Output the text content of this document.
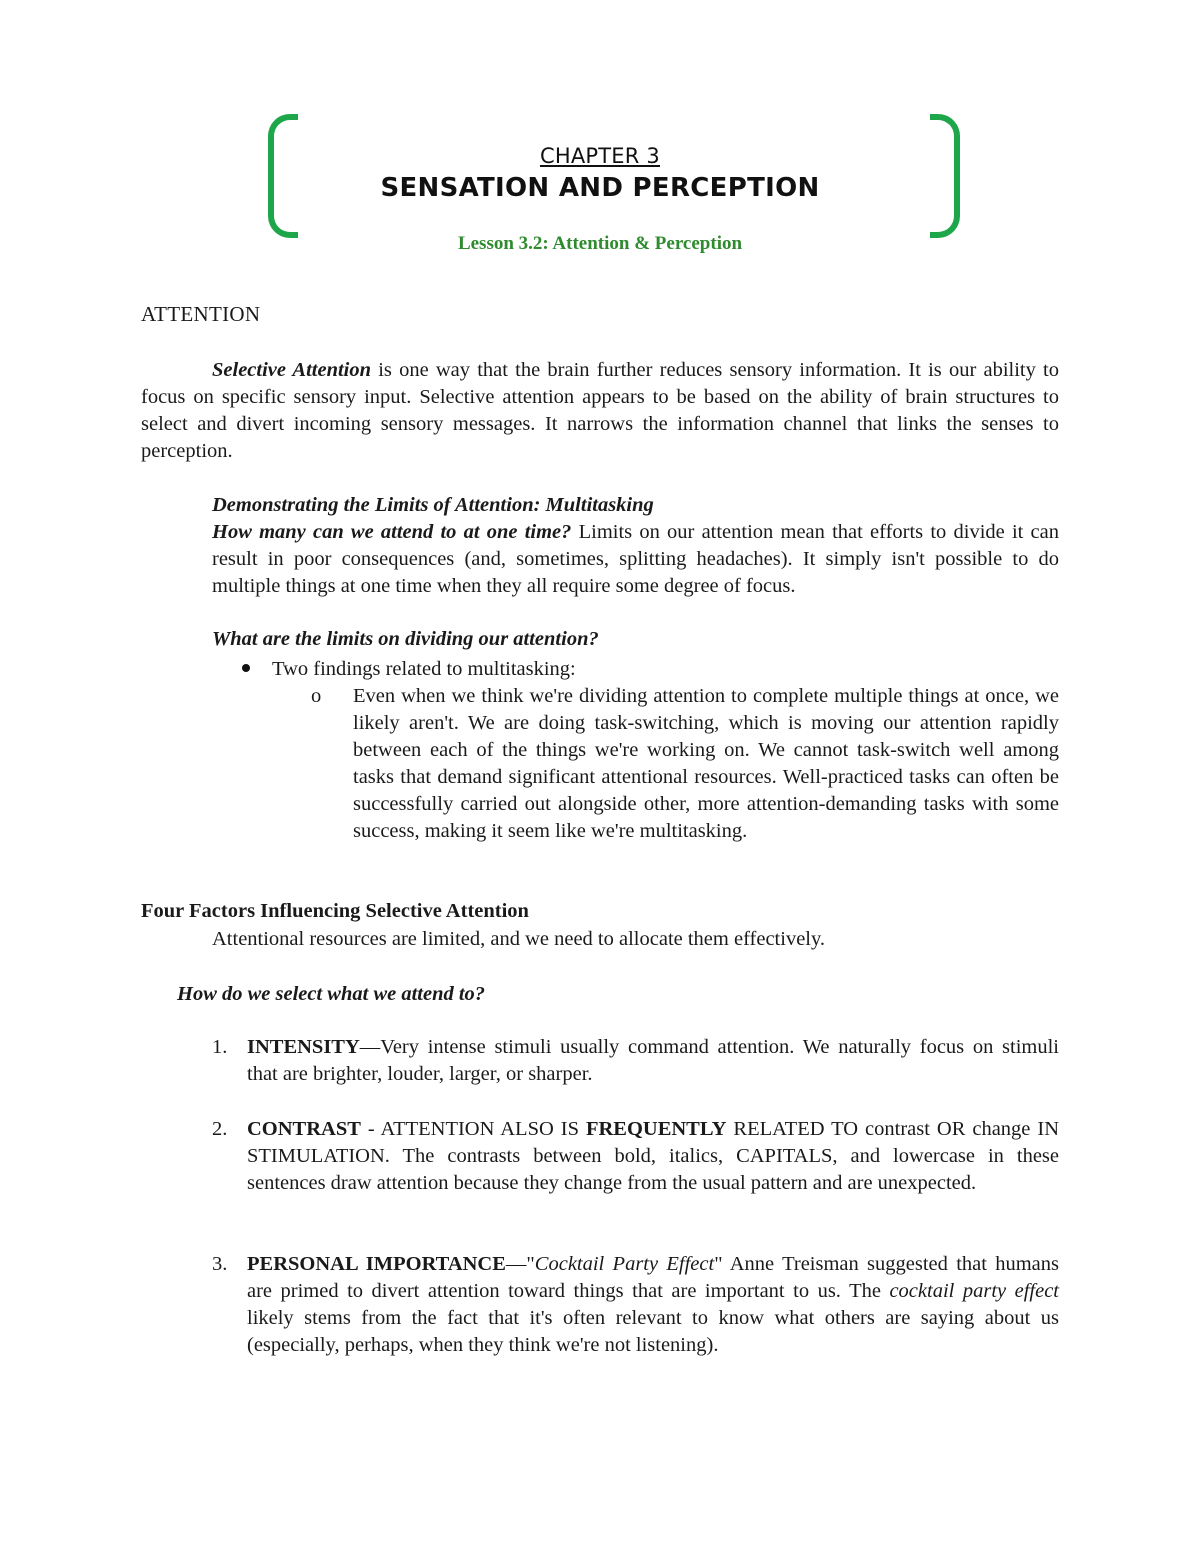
CHAPTER 3
SENSATION AND PERCEPTION
Lesson 3.2: Attention & Perception
ATTENTION
Selective Attention is one way that the brain further reduces sensory information. It is our ability to focus on specific sensory input. Selective attention appears to be based on the ability of brain structures to select and divert incoming sensory messages. It narrows the information channel that links the senses to perception.
Demonstrating the Limits of Attention: Multitasking
How many can we attend to at one time? Limits on our attention mean that efforts to divide it can result in poor consequences (and, sometimes, splitting headaches). It simply isn't possible to do multiple things at one time when they all require some degree of focus.
What are the limits on dividing our attention?
Two findings related to multitasking:
o Even when we think we're dividing attention to complete multiple things at once, we likely aren't. We are doing task-switching, which is moving our attention rapidly between each of the things we're working on. We cannot task-switch well among tasks that demand significant attentional resources. Well-practiced tasks can often be successfully carried out alongside other, more attention-demanding tasks with some success, making it seem like we're multitasking.
Four Factors Influencing Selective Attention
Attentional resources are limited, and we need to allocate them effectively.
How do we select what we attend to?
1. INTENSITY—Very intense stimuli usually command attention. We naturally focus on stimuli that are brighter, louder, larger, or sharper.
2. CONTRAST - ATTENTION ALSO IS FREQUENTLY RELATED TO contrast OR change IN STIMULATION. The contrasts between bold, italics, CAPITALS, and lowercase in these sentences draw attention because they change from the usual pattern and are unexpected.
3. PERSONAL IMPORTANCE—"Cocktail Party Effect" Anne Treisman suggested that humans are primed to divert attention toward things that are important to us. The cocktail party effect likely stems from the fact that it's often relevant to know what others are saying about us (especially, perhaps, when they think we're not listening).
